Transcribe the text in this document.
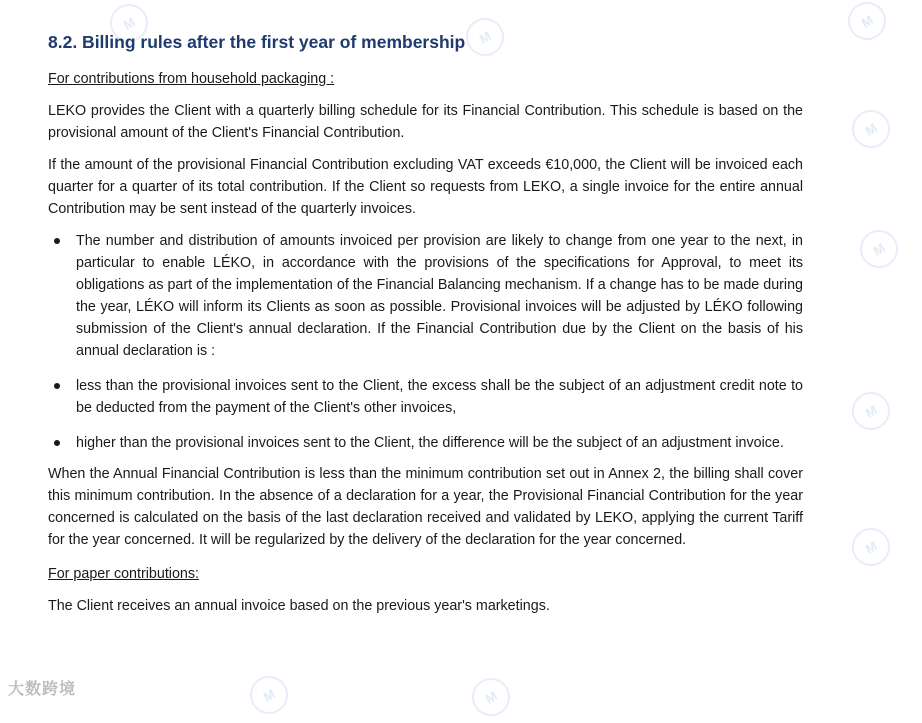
M
M
M
M
M
M
M
M
M
8.2. Billing rules after the first year of membership
For contributions from household packaging :

LEKO provides the Client with a quarterly billing schedule for its Financial Contribution. This schedule is based on the provisional amount of the Client's Financial Contribution.

If the amount of the provisional Financial Contribution excluding VAT exceeds €10,000, the Client will be invoiced each quarter for a quarter of its total contribution. If the Client so requests from LEKO, a single invoice for the entire annual Contribution may be sent instead of the quarterly invoices.

The number and distribution of amounts invoiced per provision are likely to change from one year to the next, in particular to enable LÉKO, in accordance with the provisions of the specifications for Approval, to meet its obligations as part of the implementation of the Financial Balancing mechanism. If a change has to be made during the year, LÉKO will inform its Clients as soon as possible. Provisional invoices will be adjusted by LÉKO following submission of the Client's annual declaration. If the Financial Contribution due by the Client on the basis of his annual declaration is :
less than the provisional invoices sent to the Client, the excess shall be the subject of an adjustment credit note to be deducted from the payment of the Client's other invoices,
higher than the provisional invoices sent to the Client, the difference will be the subject of an adjustment invoice.

When the Annual Financial Contribution is less than the minimum contribution set out in Annex 2, the billing shall cover this minimum contribution. In the absence of a declaration for a year, the Provisional Financial Contribution for the year concerned is calculated on the basis of the last declaration received and validated by LEKO, applying the current Tariff for the year concerned. It will be regularized by the delivery of the declaration for the year concerned.

For paper contributions:

The Client receives an annual invoice based on the previous year's marketings.

大数跨境
